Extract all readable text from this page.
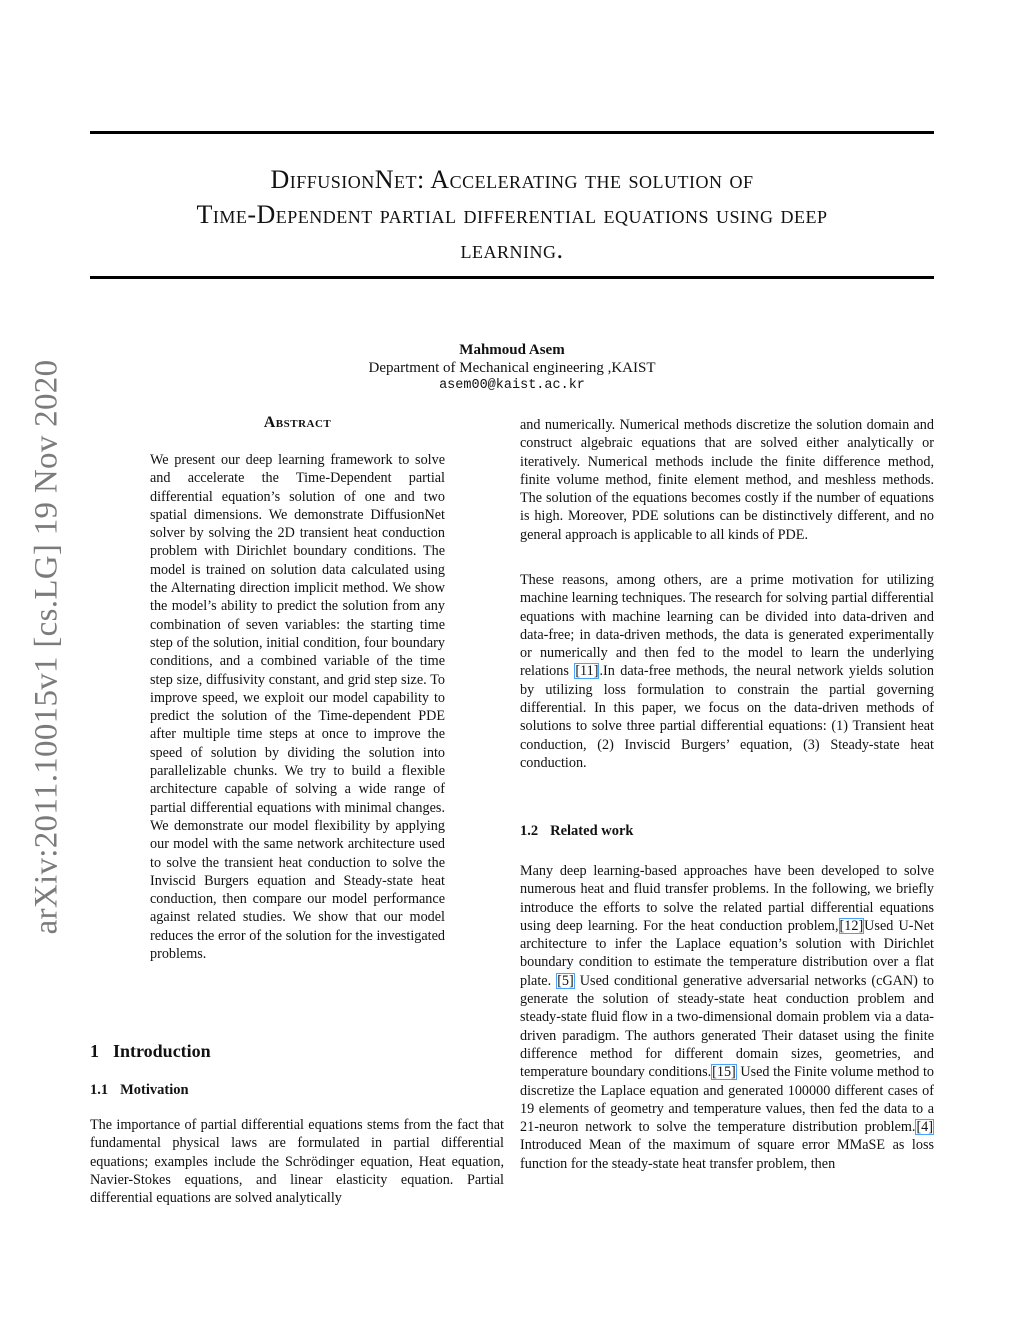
DiffusionNet: Accelerating the solution of
Time-Dependent partial differential equations using deep
learning.
arXiv:2011.10015v1 [cs.LG] 19 Nov 2020
Mahmoud Asem
Department of Mechanical engineering ,KAIST
asem00@kaist.ac.kr
Abstract

We present our deep learning framework to solve and accelerate the Time-Dependent partial differential equation’s solution of one and two spatial dimensions. We demonstrate DiffusionNet solver by solving the 2D transient heat conduction problem with Dirichlet boundary conditions. The model is trained on solution data calculated using the Alternating direction implicit method. We show the model’s ability to predict the solution from any combination of seven variables: the starting time step of the solution, initial condition, four boundary conditions, and a combined variable of the time step size, diffusivity constant, and grid step size. To improve speed, we exploit our model capability to predict the solution of the Time-dependent PDE after multiple time steps at once to improve the speed of solution by dividing the solution into parallelizable chunks. We try to build a flexible architecture capable of solving a wide range of partial differential equations with minimal changes. We demonstrate our model flexibility by applying our model with the same network architecture used to solve the transient heat conduction to solve the Inviscid Burgers equation and Steady-state heat conduction, then compare our model performance against related studies. We show that our model reduces the error of the solution for the investigated problems.

1 Introduction
1.1 Motivation

The importance of partial differential equations stems from the fact that fundamental physical laws are formulated in partial differential equations; examples include the Schrödinger equation, Heat equation, Navier-Stokes equations, and linear elasticity equation. Partial differential equations are solved analytically

and numerically. Numerical methods discretize the solution domain and construct algebraic equations that are solved either analytically or iteratively. Numerical methods include the finite difference method, finite volume method, finite element method, and meshless methods. The solution of the equations becomes costly if the number of equations is high. Moreover, PDE solutions can be distinctively different, and no general approach is applicable to all kinds of PDE.

These reasons, among others, are a prime motivation for utilizing machine learning techniques. The research for solving partial differential equations with machine learning can be divided into data-driven and data-free; in data-driven methods, the data is generated experimentally or numerically and then fed to the model to learn the underlying relations [11].In data-free methods, the neural network yields solution by utilizing loss formulation to constrain the partial governing differential. In this paper, we focus on the data-driven methods of solutions to solve three partial differential equations: (1) Transient heat conduction, (2) Inviscid Burgers’ equation, (3) Steady-state heat conduction.

1.2 Related work

Many deep learning-based approaches have been developed to solve numerous heat and fluid transfer problems. In the following, we briefly introduce the efforts to solve the related partial differential equations using deep learning. For the heat conduction problem,[12]Used U-Net architecture to infer the Laplace equation’s solution with Dirichlet boundary condition to estimate the temperature distribution over a flat plate. [5] Used conditional generative adversarial networks (cGAN) to generate the solution of steady-state heat conduction problem and steady-state fluid flow in a two-dimensional domain problem via a data-driven paradigm. The authors generated Their dataset using the finite difference method for different domain sizes, geometries, and temperature boundary conditions.[15] Used the Finite volume method to discretize the Laplace equation and generated 100000 different cases of 19 elements of geometry and temperature values, then fed the data to a 21-neuron network to solve the temperature distribution problem.[4] Introduced Mean of the maximum of square error MMaSE as loss function for the steady-state heat transfer problem, then
